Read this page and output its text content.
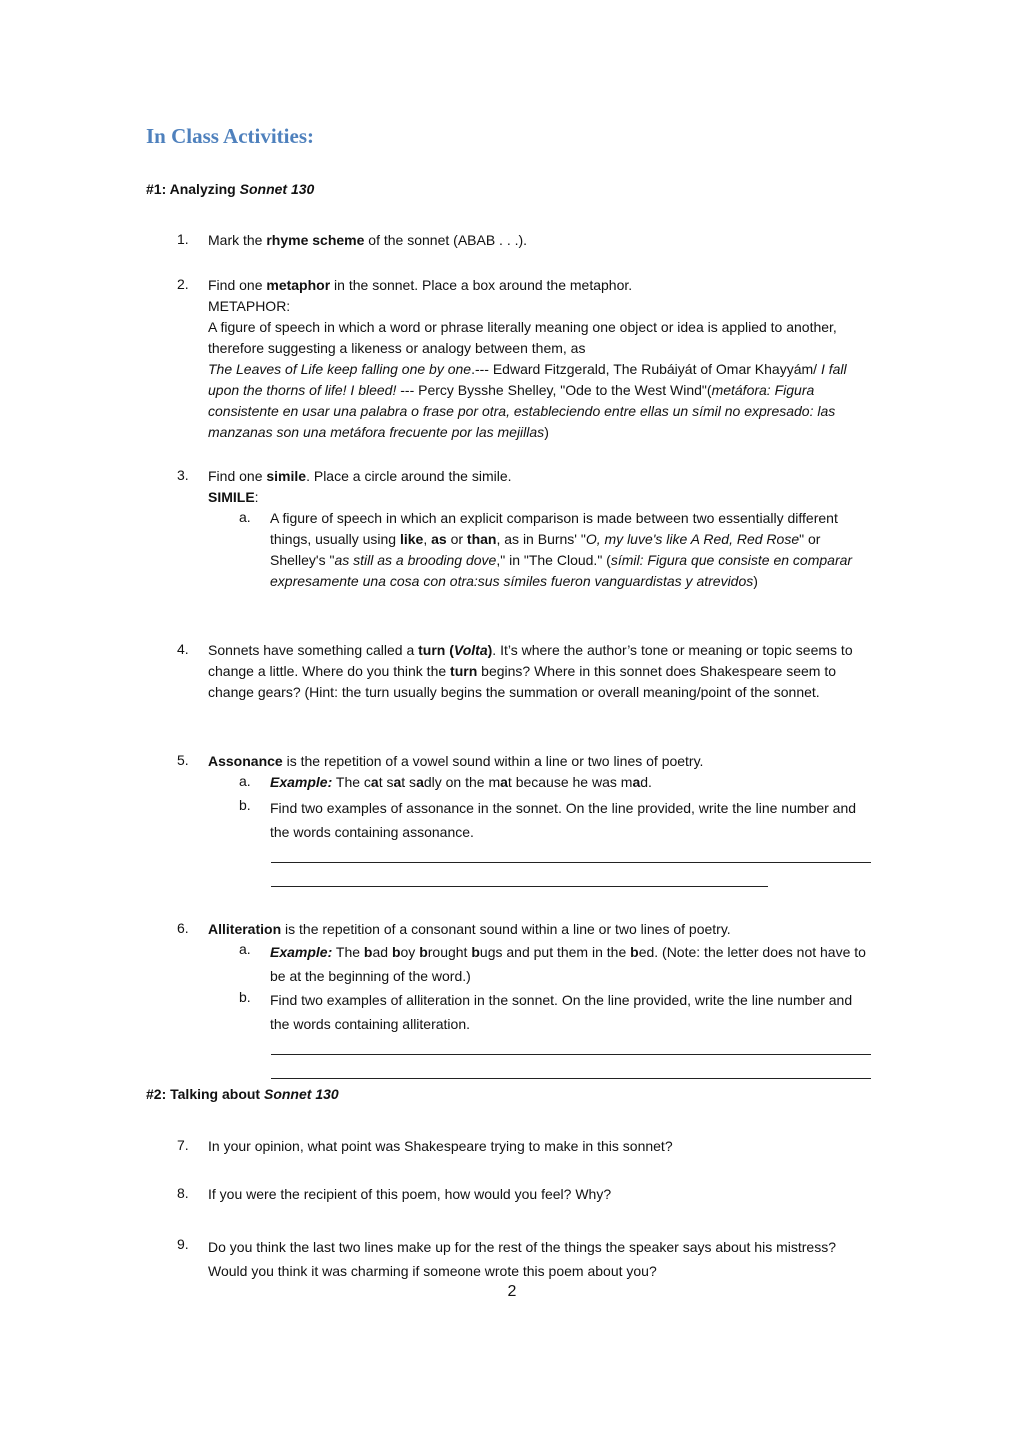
In Class Activities:
#1: Analyzing Sonnet 130
1. Mark the rhyme scheme of the sonnet (ABAB . . .).
2. Find one metaphor in the sonnet. Place a box around the metaphor.

METAPHOR:

A figure of speech in which a word or phrase literally meaning one object or idea is applied to another, therefore suggesting a likeness or analogy between them, as
The Leaves of Life keep falling one by one.--- Edward Fitzgerald, The Rubáiyát of Omar Khayyám/ I fall upon the thorns of life! I bleed! --- Percy Bysshe Shelley, "Ode to the West Wind"(metáfora: Figura consistente en usar una palabra o frase por otra, estableciendo entre ellas un símil no expresado: las manzanas son una metáfora frecuente por las mejillas)

3. Find one simile. Place a circle around the simile.

SIMILE:

a. A figure of speech in which an explicit comparison is made between two essentially different things, usually using like, as or than, as in Burns' "O, my luve's like A Red, Red Rose" or Shelley's "as still as a brooding dove," in "The Cloud." (símil: Figura que consiste en comparar expresamente una cosa con otra:sus símiles fueron vanguardistas y atrevidos)
4. Sonnets have something called a turn (Volta). It’s where the author’s tone or meaning or topic seems to change a little. Where do you think the turn begins? Where in this sonnet does Shakespeare seem to change gears? (Hint: the turn usually begins the summation or overall meaning/point of the sonnet.
5. Assonance is the repetition of a vowel sound within a line or two lines of poetry.
a. Example: The cat sat sadly on the mat because he was mad.
b. Find two examples of assonance in the sonnet. On the line provided, write the line number and the words containing assonance.
6. Alliteration is the repetition of a consonant sound within a line or two lines of poetry.
a. Example: The bad boy brought bugs and put them in the bed. (Note: the letter does not have to be at the beginning of the word.)
b. Find two examples of alliteration in the sonnet. On the line provided, write the line number and the words containing alliteration.
#2: Talking about Sonnet 130
7. In your opinion, what point was Shakespeare trying to make in this sonnet?
8. If you were the recipient of this poem, how would you feel? Why?
9. Do you think the last two lines make up for the rest of the things the speaker says about his mistress? Would you think it was charming if someone wrote this poem about you?
2
